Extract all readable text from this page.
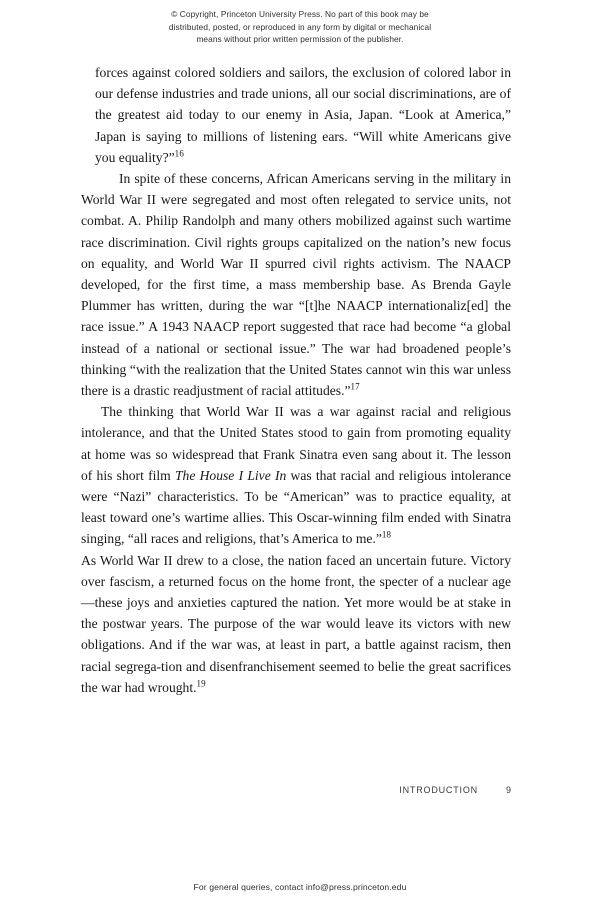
© Copyright, Princeton University Press. No part of this book may be
distributed, posted, or reproduced in any form by digital or mechanical
means without prior written permission of the publisher.

forces against colored soldiers and sailors, the exclusion of colored labor in our defense industries and trade unions, all our social discriminations, are of the greatest aid today to our enemy in Asia, Japan. “Look at America,” Japan is saying to millions of listening ears. “Will white Americans give you equality?”$^{16}$

In spite of these concerns, African Americans serving in the military in World War II were segregated and most often relegated to service units, not combat. A. Philip Randolph and many others mobilized against such wartime race discrimination. Civil rights groups capitalized on the nation’s new focus on equality, and World War II spurred civil rights activism. The NAACP developed, for the first time, a mass membership base. As Brenda Gayle Plummer has written, during the war “[t]he NAACP internationaliz[ed] the race issue.” A 1943 NAACP report suggested that race had become “a global instead of a national or sectional issue.” The war had broadened people’s thinking “with the realization that the United States cannot win this war unless there is a drastic readjustment of racial attitudes.”$^{17}$

The thinking that World War II was a war against racial and religious intolerance, and that the United States stood to gain from promoting equality at home was so widespread that Frank Sinatra even sang about it. The lesson of his short film The House I Live In was that racial and religious intolerance were “Nazi” characteristics. To be “American” was to practice equality, at least toward one’s wartime allies. This Oscar-winning film ended with Sinatra singing, “all races and religions, that’s America to me.”$^{18}$

As World War II drew to a close, the nation faced an uncertain future. Victory over fascism, a returned focus on the home front, the specter of a nuclear age—these joys and anxieties captured the nation. Yet more would be at stake in the postwar years. The purpose of the war would leave its victors with new obligations. And if the war was, at least in part, a battle against racism, then racial segrega-tion and disenfranchisement seemed to belie the great sacrifices the war had wrought.$^{19}$

INTRODUCTION	9
For general queries, contact info@press.princeton.edu
